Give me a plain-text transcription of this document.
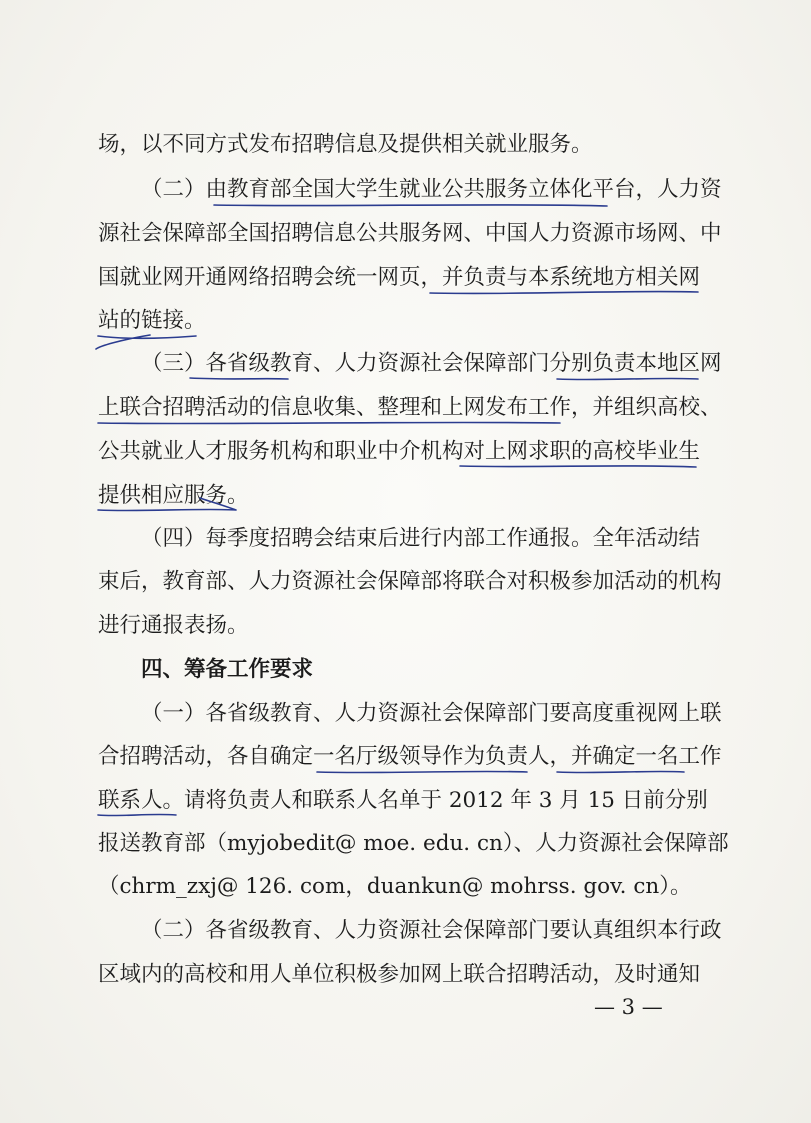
场，以不同方式发布招聘信息及提供相关就业服务。
（二）由教育部全国大学生就业公共服务立体化平台，人力资
源社会保障部全国招聘信息公共服务网、中国人力资源市场网、中
国就业网开通网络招聘会统一网页，并负责与本系统地方相关网
站的链接。
（三）各省级教育、人力资源社会保障部门分别负责本地区网
上联合招聘活动的信息收集、整理和上网发布工作，并组织高校、
公共就业人才服务机构和职业中介机构对上网求职的高校毕业生
提供相应服务。
（四）每季度招聘会结束后进行内部工作通报。全年活动结
束后，教育部、人力资源社会保障部将联合对积极参加活动的机构
进行通报表扬。
四、筹备工作要求
（一）各省级教育、人力资源社会保障部门要高度重视网上联
合招聘活动，各自确定一名厅级领导作为负责人，并确定一名工作
联系人。请将负责人和联系人名单于 2012 年 3 月 15 日前分别
报送教育部（myjobedit@ moe. edu. cn）、人力资源社会保障部
（chrm_zxj@ 126. com，duankun@ mohrss. gov. cn）。
（二）各省级教育、人力资源社会保障部门要认真组织本行政
区域内的高校和用人单位积极参加网上联合招聘活动，及时通知
— 3 —
